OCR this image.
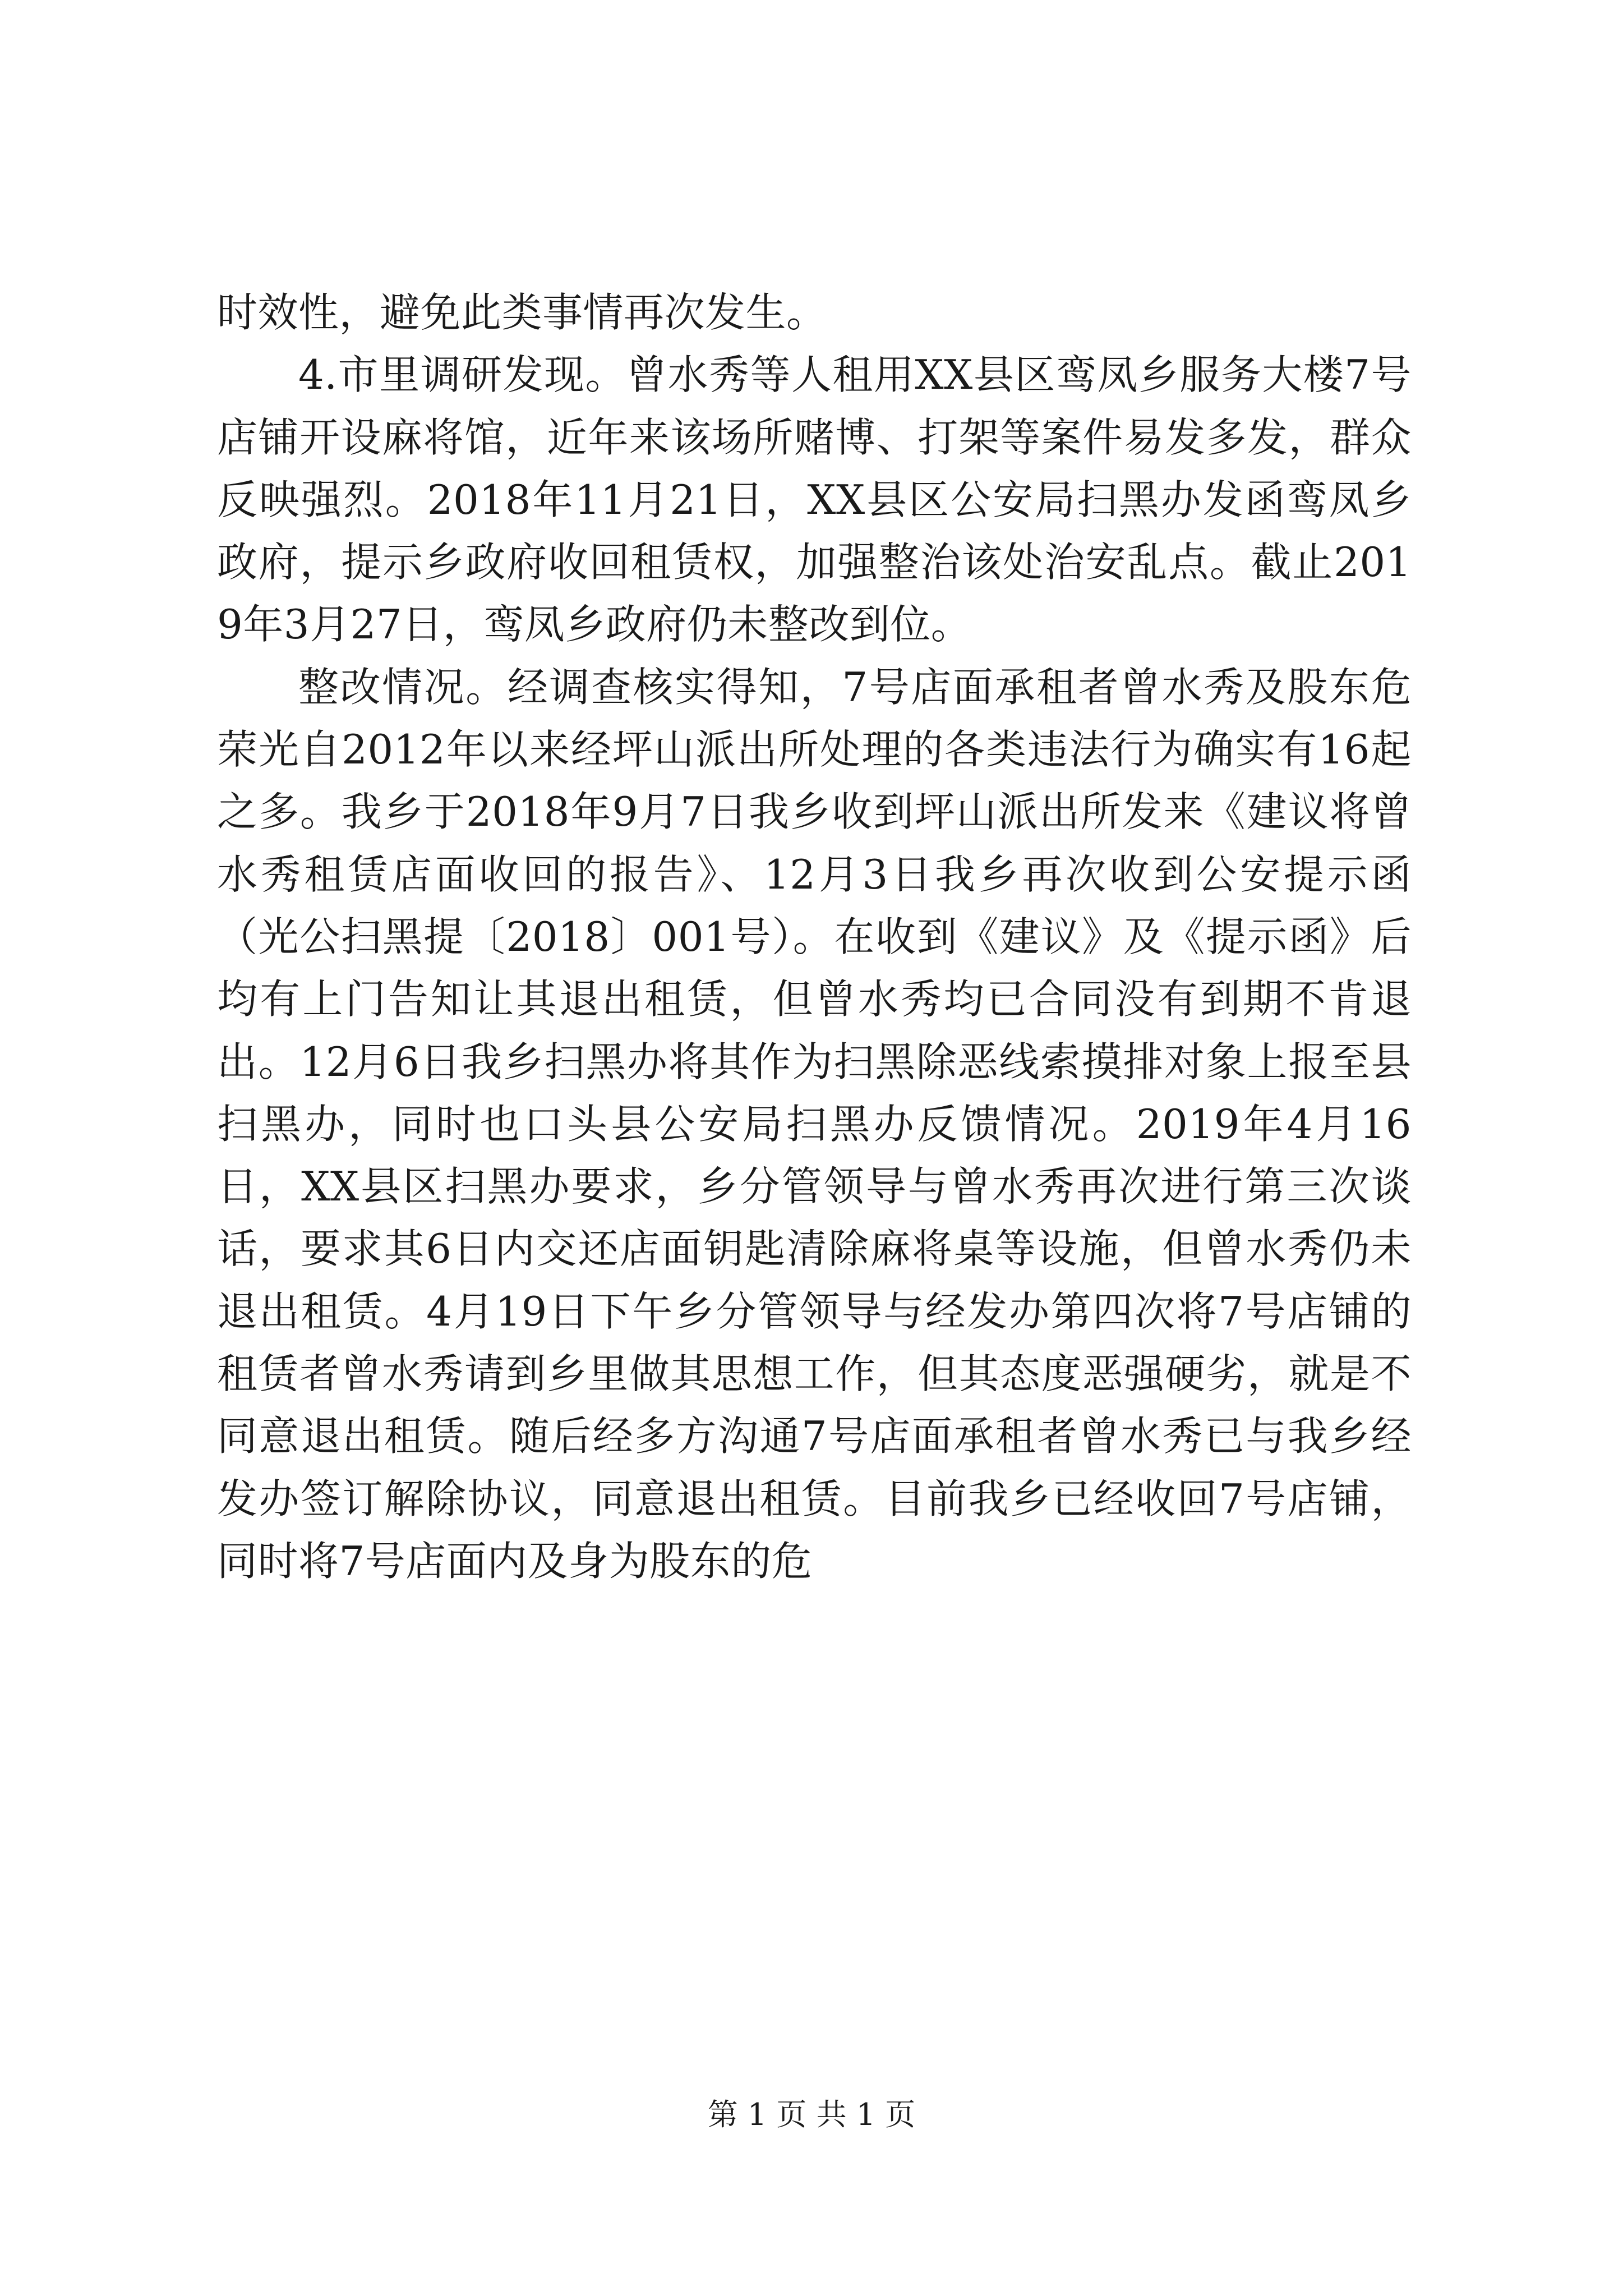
时效性，避免此类事情再次发生。

4.市里调研发现。曾水秀等人租用XX县区鸾凤乡服务大楼7号店铺开设麻将馆，近年来该场所赌博、打架等案件易发多发，群众反映强烈。2018年11月21日，XX县区公安局扫黑办发函鸾凤乡政府，提示乡政府收回租赁权，加强整治该处治安乱点。截止2019年3月27日，鸾凤乡政府仍未整改到位。

整改情况。经调查核实得知，7号店面承租者曾水秀及股东危荣光自2012年以来经坪山派出所处理的各类违法行为确实有16起之多。我乡于2018年9月7日我乡收到坪山派出所发来《建议将曾水秀租赁店面收回的报告》、12月3日我乡再次收到公安提示函（光公扫黑提〔2018〕001号）。在收到《建议》及《提示函》后均有上门告知让其退出租赁，但曾水秀均已合同没有到期不肯退出。12月6日我乡扫黑办将其作为扫黑除恶线索摸排对象上报至县扫黑办，同时也口头县公安局扫黑办反馈情况。2019年4月16日，XX县区扫黑办要求，乡分管领导与曾水秀再次进行第三次谈话，要求其6日内交还店面钥匙清除麻将桌等设施，但曾水秀仍未退出租赁。4月19日下午乡分管领导与经发办第四次将7号店铺的租赁者曾水秀请到乡里做其思想工作，但其态度恶强硬劣，就是不同意退出租赁。随后经多方沟通7号店面承租者曾水秀已与我乡经发办签订解除协议，同意退出租赁。目前我乡已经收回7号店铺，同时将7号店面内及身为股东的危

第 1 页 共 1 页
